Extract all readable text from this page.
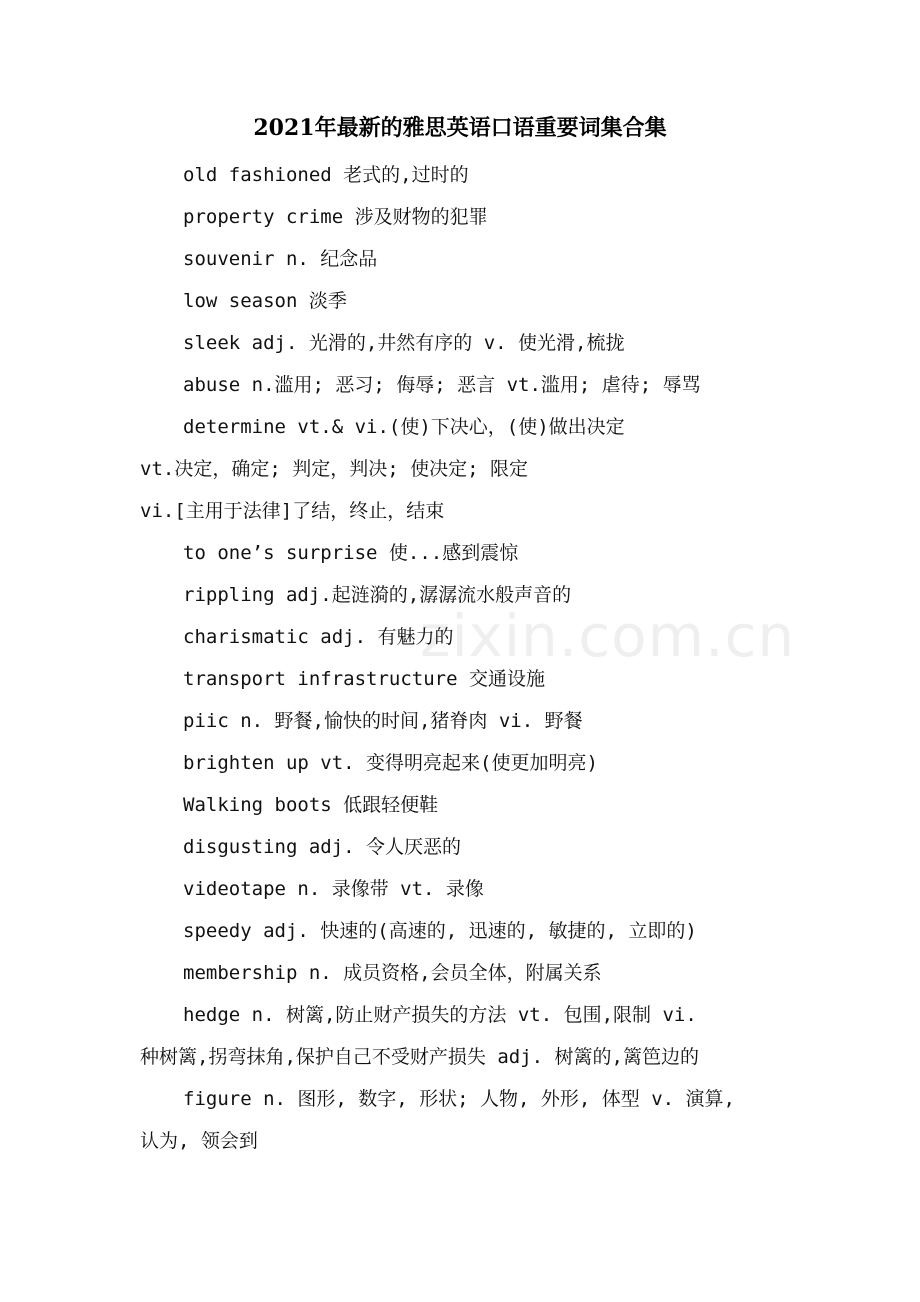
2021年最新的雅思英语口语重要词集合集
old fashioned 老式的,过时的
property crime 涉及财物的犯罪
souvenir n. 纪念品
low season 淡季
sleek adj. 光滑的,井然有序的 v. 使光滑,梳拢
abuse n.滥用; 恶习; 侮辱; 恶言 vt.滥用; 虐待; 辱骂
determine vt.& vi.(使)下决心，(使)做出决定
vt.决定，确定; 判定，判决; 使决定; 限定
vi.[主用于法律]了结，终止，结束
to one’s surprise 使...感到震惊
rippling adj.起涟漪的,潺潺流水般声音的
charismatic adj. 有魅力的
transport infrastructure 交通设施
piic n. 野餐,愉快的时间,猪脊肉 vi. 野餐
brighten up vt. 变得明亮起来(使更加明亮)
Walking boots 低跟轻便鞋
disgusting adj. 令人厌恶的
videotape n. 录像带 vt. 录像
speedy adj. 快速的(高速的, 迅速的, 敏捷的, 立即的)
membership n. 成员资格,会员全体，附属关系
hedge n. 树篱,防止财产损失的方法 vt. 包围,限制 vi.
种树篱,拐弯抹角,保护自己不受财产损失 adj. 树篱的,篱笆边的
figure n. 图形, 数字, 形状; 人物, 外形, 体型 v. 演算,
认为, 领会到
zixin.com.cn
